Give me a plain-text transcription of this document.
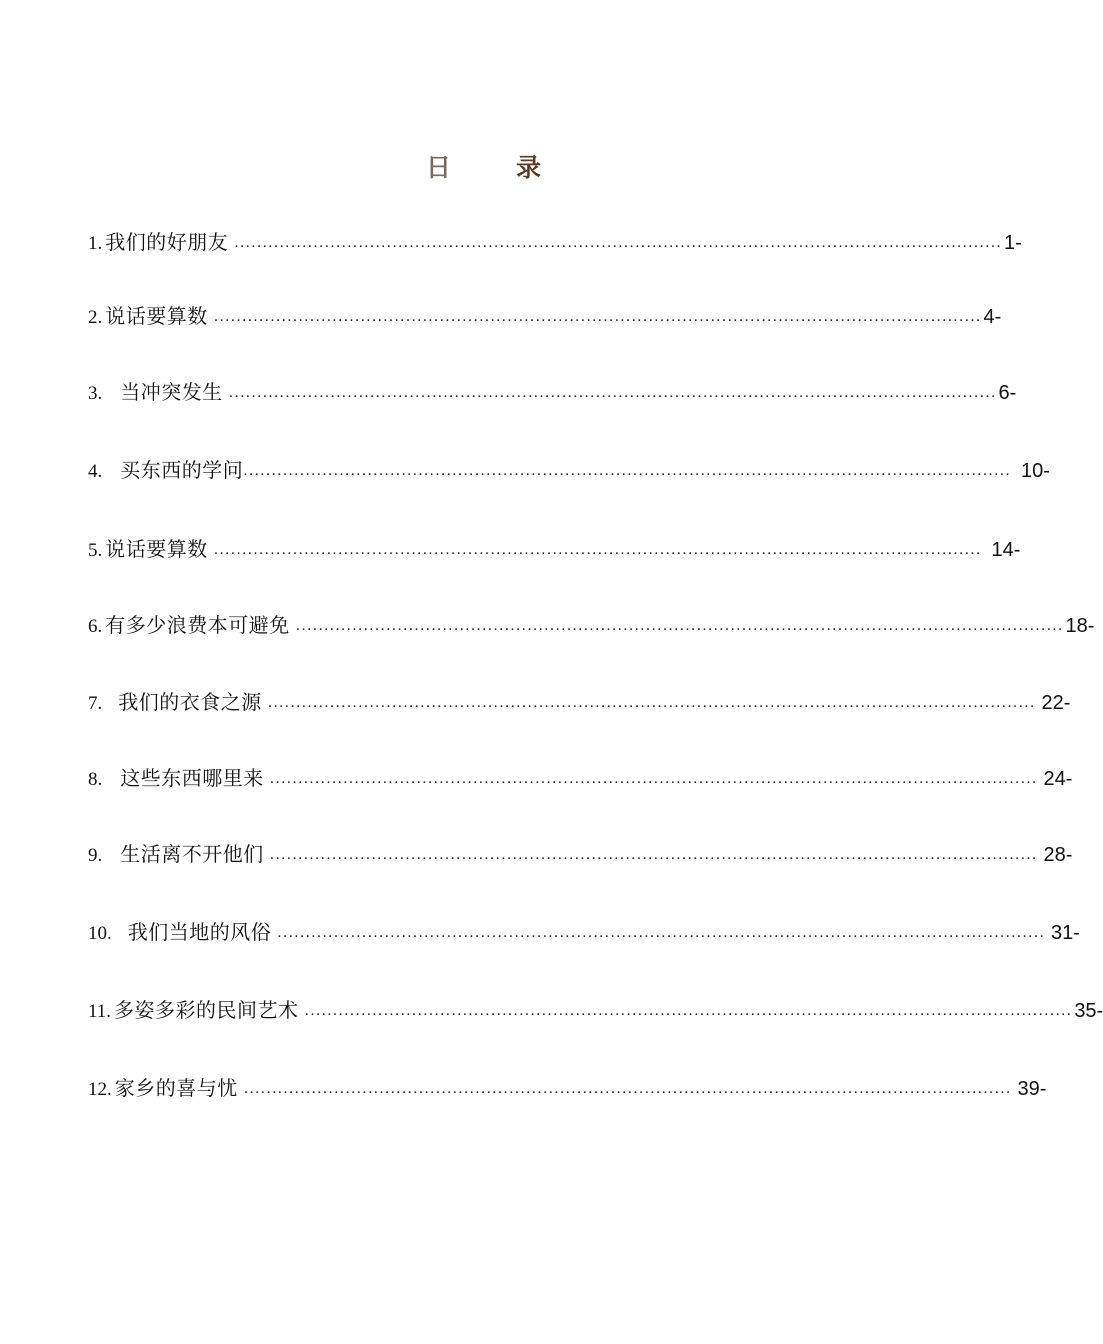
日	录
1. 我们的好朋友 ........................................................................................................................................ 1-
2. 说话要算数 ........................................................................................................................................ 4-
3. 当冲突发生 ........................................................................................................................................ 6-
4. 买东西的学问 ........................................................................................................................................ 10-
5. 说话要算数 ........................................................................................................................................ 14-
6. 有多少浪费本可避免 ........................................................................................................................................ 18-
7. 我们的衣食之源 ........................................................................................................................................ 22-
8. 这些东西哪里来 ........................................................................................................................................ 24-
9. 生活离不开他们 ........................................................................................................................................ 28-
10. 我们当地的风俗 ........................................................................................................................................ 31-
11. 多姿多彩的民间艺术 ........................................................................................................................................ 35-
12. 家乡的喜与忧 ........................................................................................................................................ 39-
